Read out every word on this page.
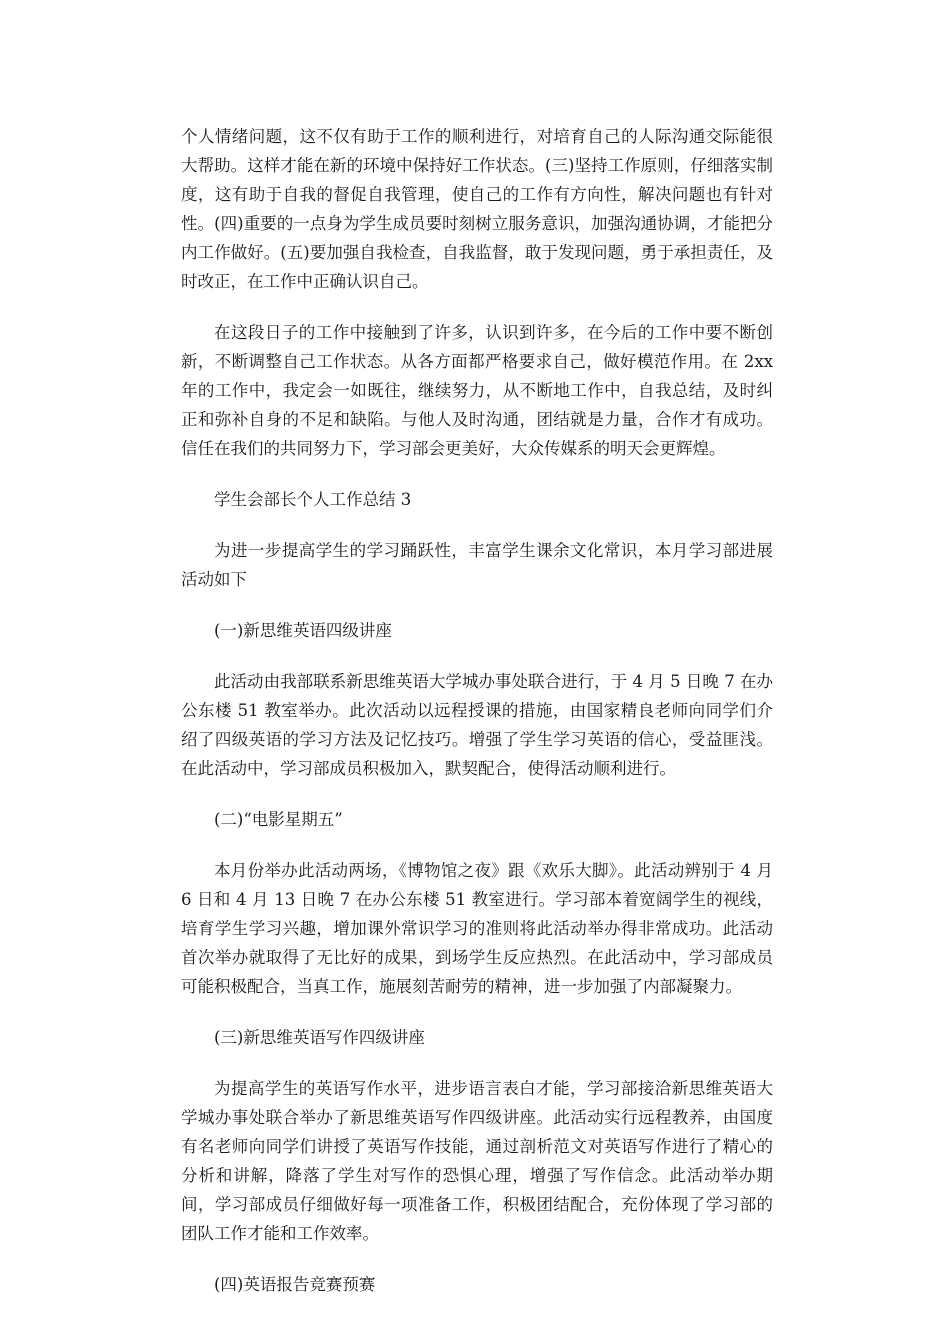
个人情绪问题，这不仅有助于工作的顺利进行，对培育自己的人际沟通交际能很大帮助。这样才能在新的环境中保持好工作状态。(三)坚持工作原则，仔细落实制度，这有助于自我的督促自我管理，使自己的工作有方向性，解决问题也有针对性。(四)重要的一点身为学生成员要时刻树立服务意识，加强沟通协调，才能把分内工作做好。(五)要加强自我检查，自我监督，敢于发现问题，勇于承担责任，及时改正，在工作中正确认识自己。

在这段日子的工作中接触到了许多，认识到许多，在今后的工作中要不断创新，不断调整自己工作状态。从各方面都严格要求自己，做好模范作用。在 2xx 年的工作中，我定会一如既往，继续努力，从不断地工作中，自我总结，及时纠正和弥补自身的不足和缺陷。与他人及时沟通，团结就是力量，合作才有成功。信任在我们的共同努力下，学习部会更美好，大众传媒系的明天会更辉煌。

学生会部长个人工作总结 3

为进一步提高学生的学习踊跃性，丰富学生课余文化常识，本月学习部进展活动如下

(一)新思维英语四级讲座

此活动由我部联系新思维英语大学城办事处联合进行，于 4 月 5 日晚 7 在办公东楼 51 教室举办。此次活动以远程授课的措施，由国家精良老师向同学们介绍了四级英语的学习方法及记忆技巧。增强了学生学习英语的信心，受益匪浅。在此活动中，学习部成员积极加入，默契配合，使得活动顺利进行。

(二)“电影星期五”

本月份举办此活动两场，《博物馆之夜》跟《欢乐大脚》。此活动辨别于 4 月 6 日和 4 月 13 日晚 7 在办公东楼 51 教室进行。学习部本着宽阔学生的视线，培育学生学习兴趣，增加课外常识学习的准则将此活动举办得非常成功。此活动首次举办就取得了无比好的成果，到场学生反应热烈。在此活动中，学习部成员可能积极配合，当真工作，施展刻苦耐劳的精神，进一步加强了内部凝聚力。

(三)新思维英语写作四级讲座

为提高学生的英语写作水平，进步语言表白才能，学习部接洽新思维英语大学城办事处联合举办了新思维英语写作四级讲座。此活动实行远程教养，由国度有名老师向同学们讲授了英语写作技能，通过剖析范文对英语写作进行了精心的分析和讲解，降落了学生对写作的恐惧心理，增强了写作信念。此活动举办期间，学习部成员仔细做好每一项准备工作，积极团结配合，充份体现了学习部的团队工作才能和工作效率。

(四)英语报告竞赛预赛
